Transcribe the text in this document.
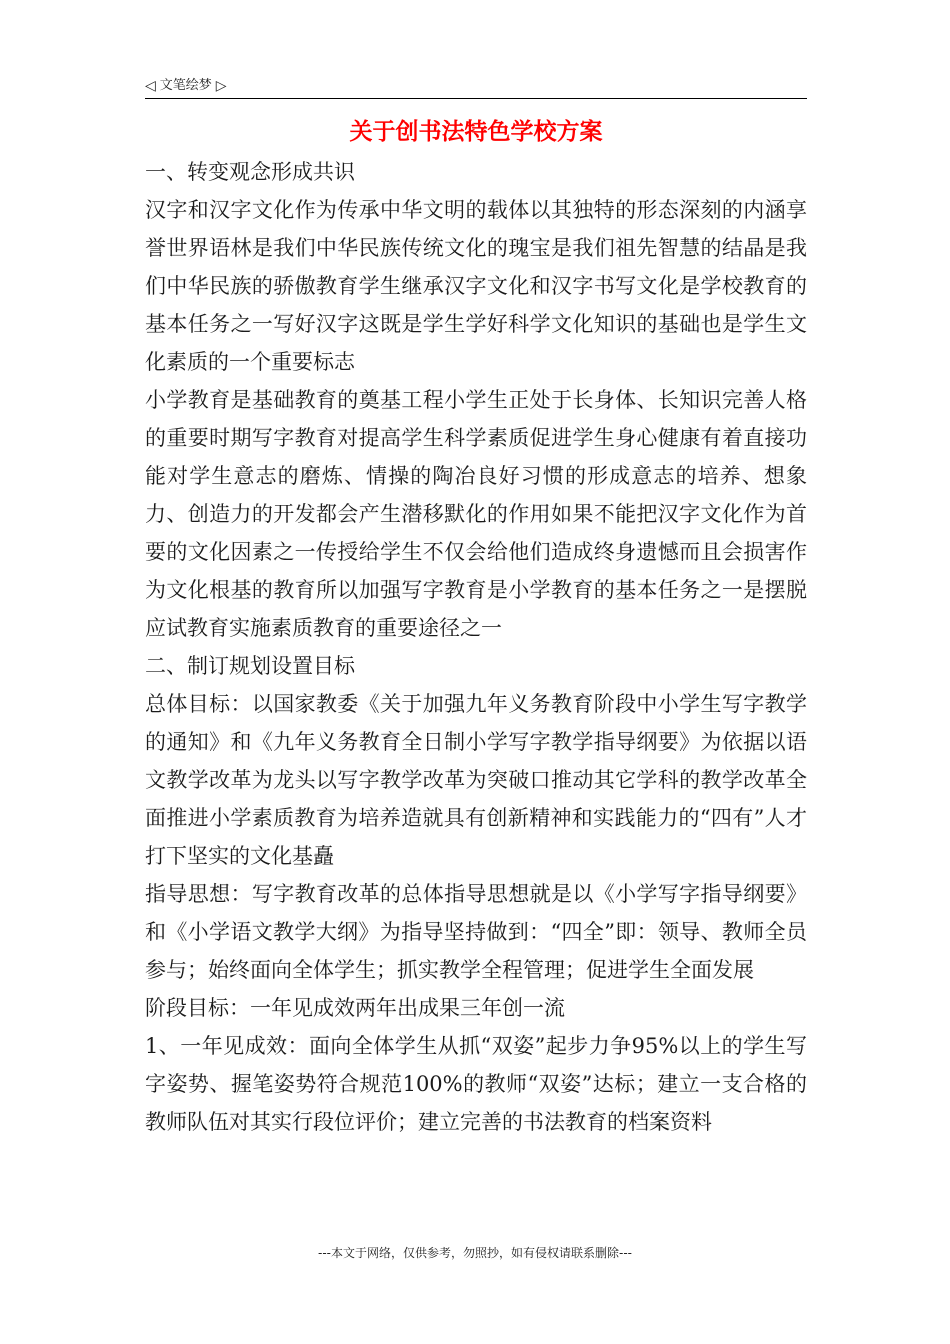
◁ 文笔绘梦 ▷
关于创书法特色学校方案

一、转变观念形成共识

汉字和汉字文化作为传承中华文明的载体以其独特的形态深刻的内涵享誉世界语林是我们中华民族传统文化的瑰宝是我们祖先智慧的结晶是我们中华民族的骄傲教育学生继承汉字文化和汉字书写文化是学校教育的基本任务之一写好汉字这既是学生学好科学文化知识的基础也是学生文化素质的一个重要标志

小学教育是基础教育的奠基工程小学生正处于长身体、长知识完善人格的重要时期写字教育对提高学生科学素质促进学生身心健康有着直接功能对学生意志的磨炼、情操的陶冶良好习惯的形成意志的培养、想象力、创造力的开发都会产生潜移默化的作用如果不能把汉字文化作为首要的文化因素之一传授给学生不仅会给他们造成终身遗憾而且会损害作为文化根基的教育所以加强写字教育是小学教育的基本任务之一是摆脱应试教育实施素质教育的重要途径之一

二、制订规划设置目标

总体目标：以国家教委《关于加强九年义务教育阶段中小学生写字教学的通知》和《九年义务教育全日制小学写字教学指导纲要》为依据以语文教学改革为龙头以写字教学改革为突破口推动其它学科的教学改革全面推进小学素质教育为培养造就具有创新精神和实践能力的“四有”人才打下坚实的文化基矗

指导思想：写字教育改革的总体指导思想就是以《小学写字指导纲要》和《小学语文教学大纲》为指导坚持做到：“四全”即：领导、教师全员参与；始终面向全体学生；抓实教学全程管理；促进学生全面发展

阶段目标：一年见成效两年出成果三年创一流

1、一年见成效：面向全体学生从抓“双姿”起步力争95%以上的学生写字姿势、握笔姿势符合规范100%的教师“双姿”达标；建立一支合格的教师队伍对其实行段位评价；建立完善的书法教育的档案资料

---本文于网络，仅供参考，勿照抄，如有侵权请联系删除---
